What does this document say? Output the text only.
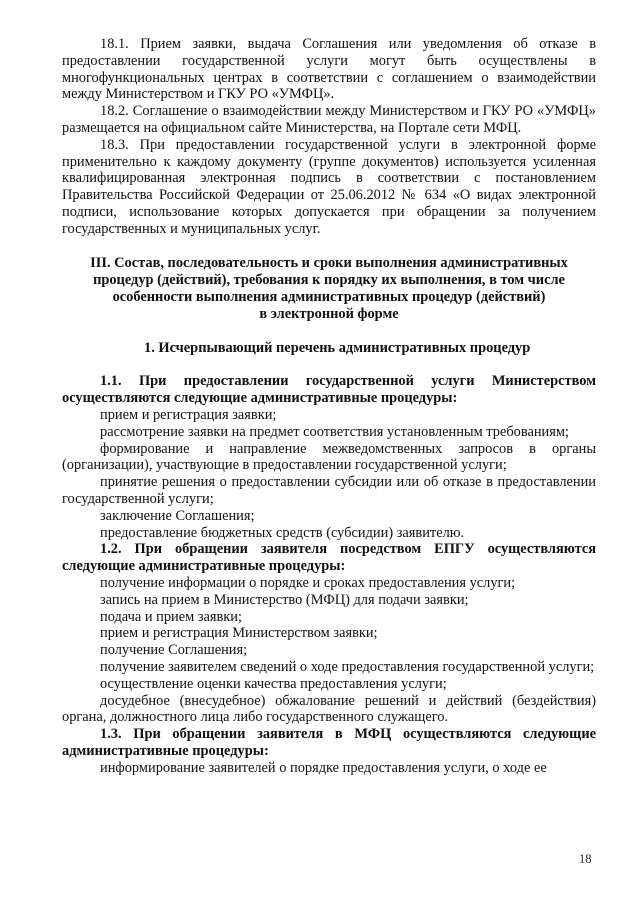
18.1. Прием заявки, выдача Соглашения или уведомления об отказе в предоставлении государственной услуги могут быть осуществлены в многофункциональных центрах в соответствии с соглашением о взаимодействии между Министерством и ГКУ РО «УМФЦ».

18.2. Соглашение о взаимодействии между Министерством и ГКУ РО «УМФЦ» размещается на официальном сайте Министерства, на Портале сети МФЦ.

18.3. При предоставлении государственной услуги в электронной форме применительно к каждому документу (группе документов) используется усиленная квалифицированная электронная подпись в соответствии с постановлением Правительства Российской Федерации от 25.06.2012 № 634 «О видах электронной подписи, использование которых допускается при обращении за получением государственных и муниципальных услуг.

III. Состав, последовательность и сроки выполнения административных
процедур (действий), требования к порядку их выполнения, в том числе
особенности выполнения административных процедур (действий)
в электронной форме
1. Исчерпывающий перечень административных процедур

1.1. При предоставлении государственной услуги Министерством осуществляются следующие административные процедуры:

прием и регистрация заявки;

рассмотрение заявки на предмет соответствия установленным требованиям;

формирование и направление межведомственных запросов в органы (организации), участвующие в предоставлении государственной услуги;

принятие решения о предоставлении субсидии или об отказе в предоставлении государственной услуги;

заключение Соглашения;

предоставление бюджетных средств (субсидии) заявителю.

1.2. При обращении заявителя посредством ЕПГУ осуществляются следующие административные процедуры:

получение информации о порядке и сроках предоставления услуги;

запись на прием в Министерство (МФЦ) для подачи заявки;

подача и прием заявки;

прием и регистрация Министерством заявки;

получение Соглашения;

получение заявителем сведений о ходе предоставления государственной услуги;

осуществление оценки качества предоставления услуги;

досудебное (внесудебное) обжалование решений и действий (бездействия) органа, должностного лица либо государственного служащего.

1.3. При обращении заявителя в МФЦ осуществляются следующие административные процедуры:

информирование заявителей о порядке предоставления услуги, о ходе ее

18
